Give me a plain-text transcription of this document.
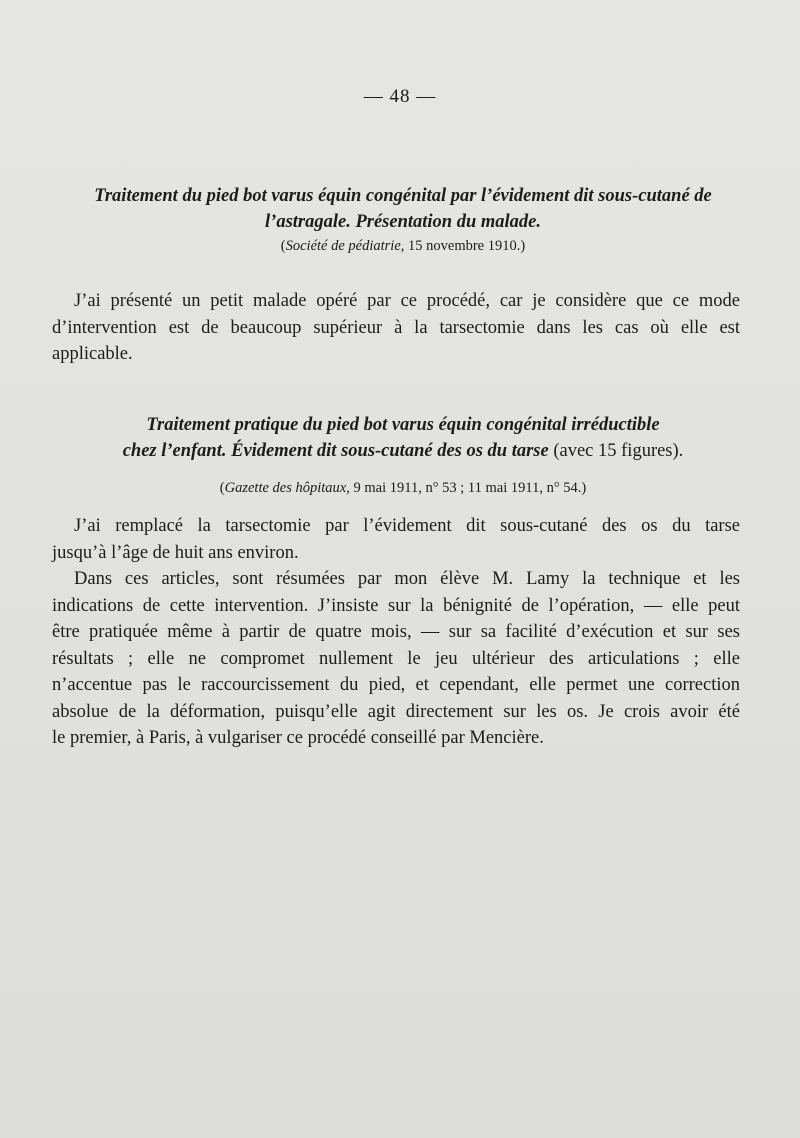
— 48 —
Traitement du pied bot varus équin congénital par l’évidement dit sous-cutané de
l’astragale. Présentation du malade.
(Société de pédiatrie, 15 novembre 1910.)
J’ai présenté un petit malade opéré par ce procédé, car je considère que ce mode
d’intervention est de beaucoup supérieur à la tarsectomie dans les cas où elle est
applicable.
Traitement pratique du pied bot varus équin congénital irréductible
chez l’enfant. Évidement dit sous-cutané des os du tarse (avec 15 figures).
(Gazette des hôpitaux, 9 mai 1911, n° 53 ; 11 mai 1911, n° 54.)
J’ai remplacé la tarsectomie par l’évidement dit sous-cutané des os du tarse
jusqu’à l’âge de huit ans environ.
Dans ces articles, sont résumées par mon élève M. Lamy la technique et les
indications de cette intervention. J’insiste sur la bénignité de l’opération, — elle peut
être pratiquée même à partir de quatre mois, — sur sa facilité d’exécution et sur ses
résultats ; elle ne compromet nullement le jeu ultérieur des articulations ; elle
n’accentue pas le raccourcissement du pied, et cependant, elle permet une correction
absolue de la déformation, puisqu’elle agit directement sur les os. Je crois avoir été
le premier, à Paris, à vulgariser ce procédé conseillé par Mencière.
